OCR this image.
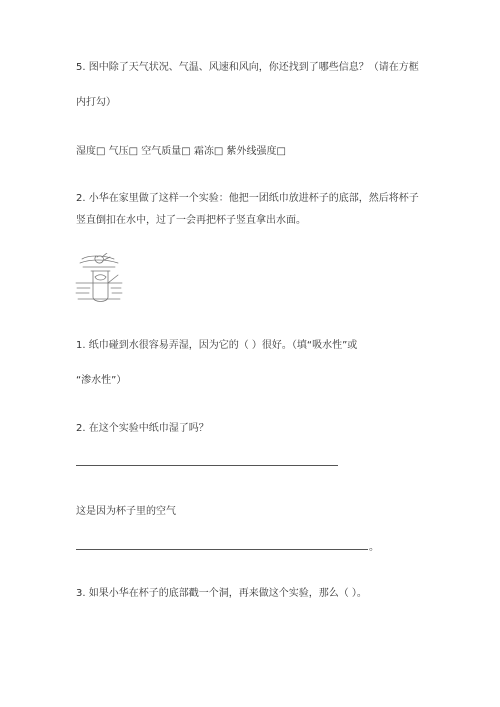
5. 图中除了天气状况、气温、风速和风向，你还找到了哪些信息？（请在方框
内打勾）
湿度□ 气压□ 空气质量□ 霜冻□ 紫外线强度□
2. 小华在家里做了这样一个实验：他把一团纸巾放进杯子的底部，然后将杯子
竖直倒扣在水中，过了一会再把杯子竖直拿出水面。
1. 纸巾碰到水很容易弄湿，因为它的（ ）很好。（填“吸水性”或
“渗水性”）
2. 在这个实验中纸巾湿了吗？
这是因为杯子里的空气
。
3. 如果小华在杯子的底部戳一个洞，再来做这个实验，那么（ ）。
